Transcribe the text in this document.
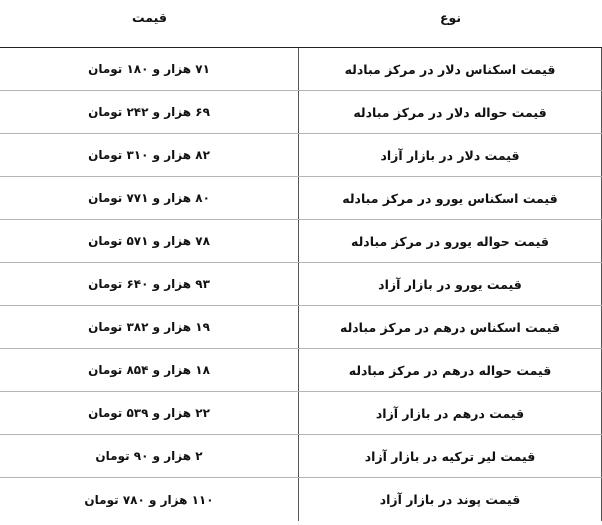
قیمت	نوع
۷۱ هزار و ۱۸۰ تومان	قیمت اسکناس دلار در مرکز مبادله
۶۹ هزار و ۲۴۲ تومان	قیمت حواله دلار در مرکز مبادله
۸۲ هزار و ۳۱۰ تومان	قیمت دلار در بازار آزاد
۸۰ هزار و ۷۷۱ تومان	قیمت اسکناس یورو در مرکز مبادله
۷۸ هزار و ۵۷۱ تومان	قیمت حواله یورو در مرکز مبادله
۹۳ هزار و ۶۴۰ تومان	قیمت یورو در بازار آزاد
۱۹ هزار و ۳۸۲ تومان	قیمت اسکناس درهم در مرکز مبادله
۱۸ هزار و ۸۵۴ تومان	قیمت حواله درهم در مرکز مبادله
۲۲ هزار و ۵۳۹ تومان	قیمت درهم در بازار آزاد
۲ هزار و ۹۰ تومان	قیمت لیر ترکیه در بازار آزاد
۱۱۰ هزار و ۷۸۰ تومان	قیمت پوند در بازار آزاد
